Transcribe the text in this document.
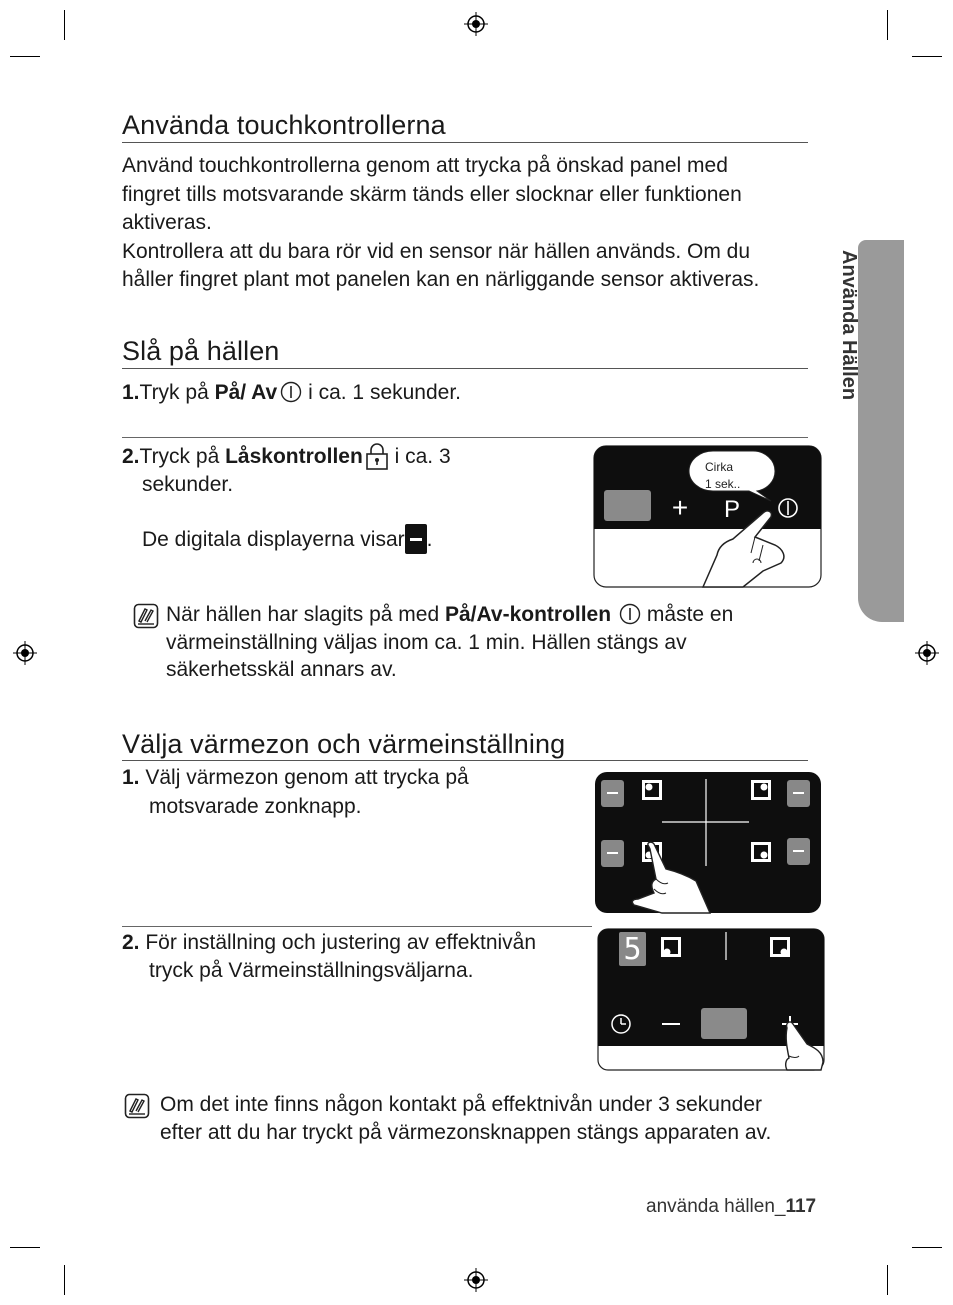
Använda Hällen
Använda touchkontrollerna

Använd touchkontrollerna genom att trycka på önskad panel med

fingret tills motsvarande skärm tänds eller slocknar eller funktionen

aktiveras.

Kontrollera att du bara rör vid en sensor när hällen används. Om du

håller fingret plant mot panelen kan en närliggande sensor aktiveras.

Slå på hällen

1.Tryk på På/ Av i ca. 1 sekunder.

2.Tryck på Låskontrollen i ca. 3

sekunder.

De digitala displayerna visar .

+ P
Cirka
1 sek..

När hällen har slagits på med På/Av-kontrollen måste en

värmeinställning väljas inom ca. 1 min. Hällen stängs av

säkerhetsskäl annars av.

Välja värmezon och värmeinställning

1. Välj värmezon genom att trycka på

motsvarade zonknapp.

2. För inställning och justering av effektnivån

tryck på Värmeinställningsväljarna.

5

Om det inte finns någon kontakt på effektnivån under 3 sekunder

efter att du har tryckt på värmezonsknappen stängs apparaten av.

använda hällen_117
